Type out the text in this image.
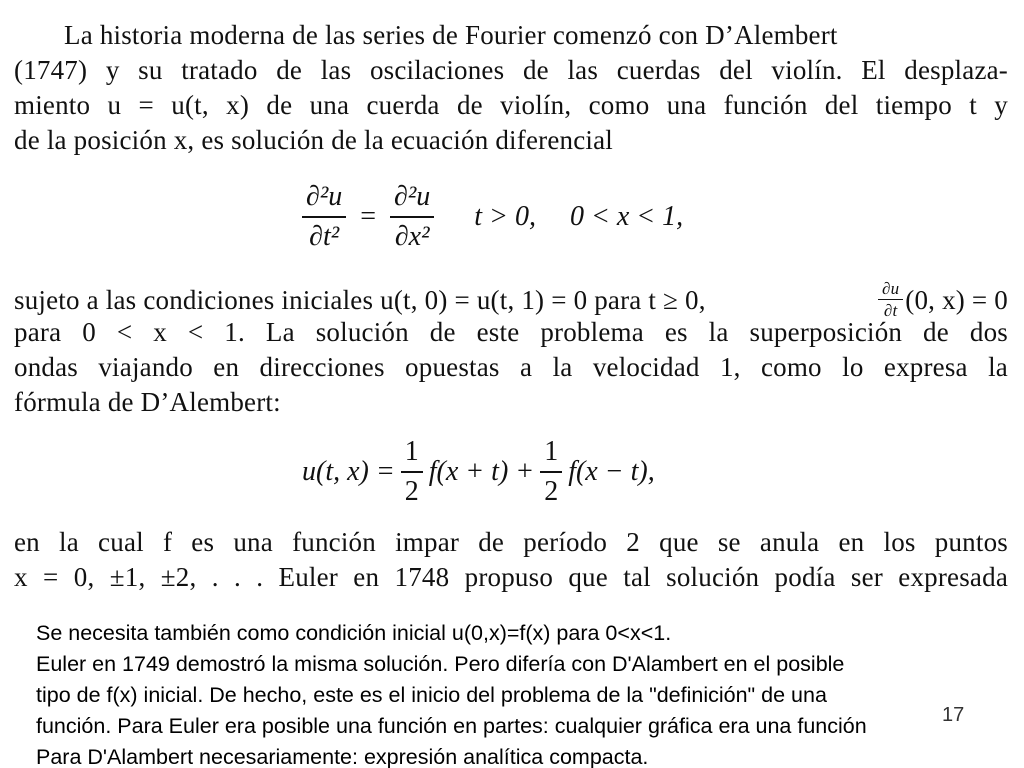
La historia moderna de las series de Fourier comenzó con D’Alembert
(1747) y su tratado de las oscilaciones de las cuerdas del violín. El desplaza-
miento u = u(t, x) de una cuerda de violín, como una función del tiempo t y
de la posición x, es solución de la ecuación diferencial
$\frac{\text{∂²u}}{\text{∂t²}} = \frac{\text{∂²u}}{\text{∂x²}}$ t > 0, 0 < x < 1,
sujeto a las condiciones iniciales u(t, 0) = u(t, 1) = 0 para t ≥ 0,	$\frac{\partial u}{\partial t} (0$, x) = 0
para 0 < x < 1. La solución de este problema es la superposición de dos
ondas viajando en direcciones opuestas a la velocidad 1, como lo expresa la
fórmula de D’Alembert:
u(t, $x) = \frac{1}{2} f(x + t) + \frac{1}{2} f(x - t)$,
en la cual f es una función impar de período 2 que se anula en los puntos
x = 0, ±1, ±2, . . . Euler en 1748 propuso que tal solución podía ser expresada
Se necesita también como condición inicial u(0,x)=f(x) para 0<x<1.
Euler en 1749 demostró la misma solución. Pero difería con D'Alambert en el posible
tipo de f(x) inicial. De hecho, este es el inicio del problema de la "definición" de una
función. Para Euler era posible una función en partes: cualquier gráfica era una función
Para D'Alambert necesariamente: expresión analítica compacta.
17
